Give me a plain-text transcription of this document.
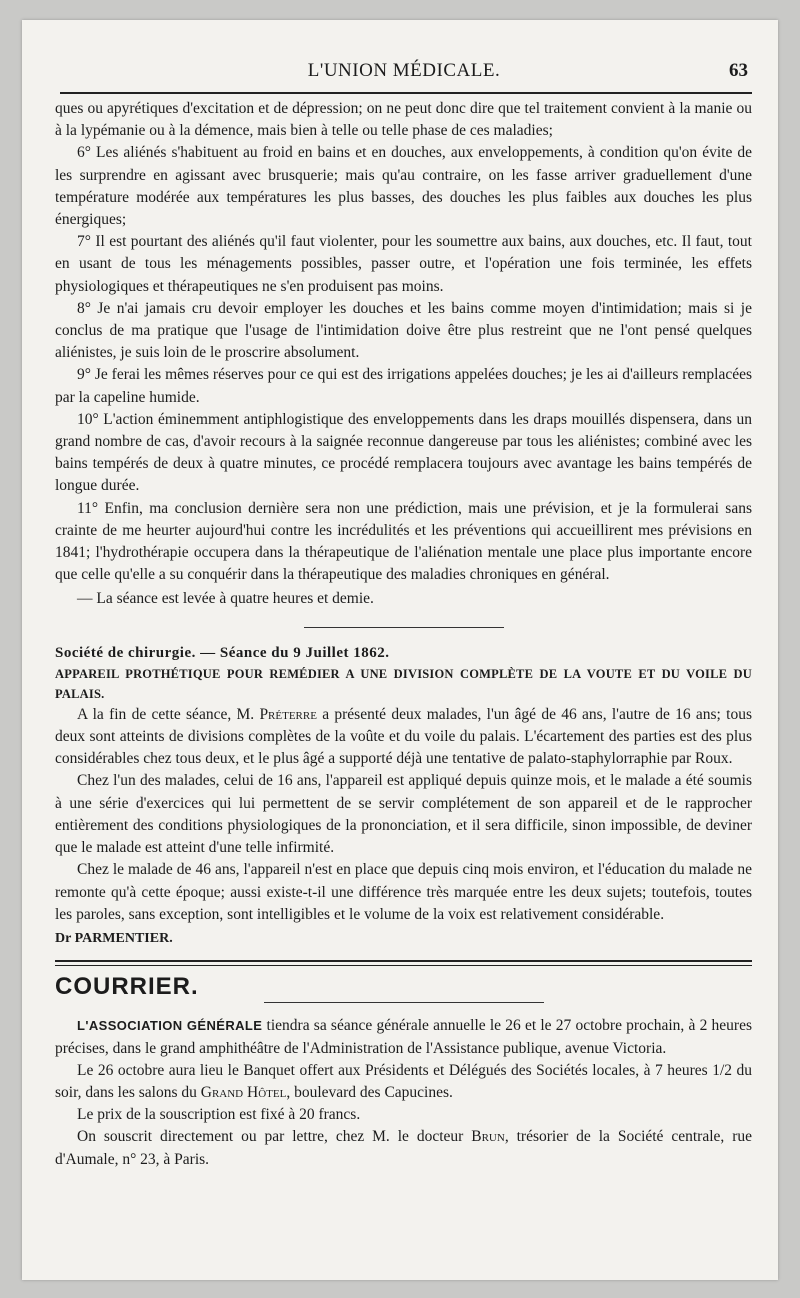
L'UNION MÉDICALE.	63

ques ou apyrétiques d'excitation et de dépression; on ne peut donc dire que tel traitement convient à la manie ou à la lypémanie ou à la démence, mais bien à telle ou telle phase de ces maladies;

6° Les aliénés s'habituent au froid en bains et en douches, aux enveloppements, à condition qu'on évite de les surprendre en agissant avec brusquerie; mais qu'au contraire, on les fasse arriver graduellement d'une température modérée aux températures les plus basses, des douches les plus faibles aux douches les plus énergiques;

7° Il est pourtant des aliénés qu'il faut violenter, pour les soumettre aux bains, aux douches, etc. Il faut, tout en usant de tous les ménagements possibles, passer outre, et l'opération une fois terminée, les effets physiologiques et thérapeutiques ne s'en produisent pas moins.

8° Je n'ai jamais cru devoir employer les douches et les bains comme moyen d'intimidation; mais si je conclus de ma pratique que l'usage de l'intimidation doive être plus restreint que ne l'ont pensé quelques aliénistes, je suis loin de le proscrire absolument.

9° Je ferai les mêmes réserves pour ce qui est des irrigations appelées douches; je les ai d'ailleurs remplacées par la capeline humide.

10° L'action éminemment antiphlogistique des enveloppements dans les draps mouillés dispensera, dans un grand nombre de cas, d'avoir recours à la saignée reconnue dangereuse par tous les aliénistes; combiné avec les bains tempérés de deux à quatre minutes, ce procédé remplacera toujours avec avantage les bains tempérés de longue durée.

11° Enfin, ma conclusion dernière sera non une prédiction, mais une prévision, et je la formulerai sans crainte de me heurter aujourd'hui contre les incrédulités et les préventions qui accueillirent mes prévisions en 1841; l'hydrothérapie occupera dans la thérapeutique de l'aliénation mentale une place plus importante encore que celle qu'elle a su conquérir dans la thérapeutique des maladies chroniques en général.

— La séance est levée à quatre heures et demie.

Société de chirurgie. — Séance du 9 Juillet 1862.

APPAREIL PROTHÉTIQUE POUR REMÉDIER A UNE DIVISION COMPLÈTE DE LA VOUTE ET DU VOILE DU PALAIS.

A la fin de cette séance, M. Préterre a présenté deux malades, l'un âgé de 46 ans, l'autre de 16 ans; tous deux sont atteints de divisions complètes de la voûte et du voile du palais. L'écartement des parties est des plus considérables chez tous deux, et le plus âgé a supporté déjà une tentative de palato-staphylorraphie par Roux.

Chez l'un des malades, celui de 16 ans, l'appareil est appliqué depuis quinze mois, et le malade a été soumis à une série d'exercices qui lui permettent de se servir complétement de son appareil et de le rapprocher entièrement des conditions physiologiques de la prononciation, et il sera difficile, sinon impossible, de deviner que le malade est atteint d'une telle infirmité.

Chez le malade de 46 ans, l'appareil n'est en place que depuis cinq mois environ, et l'éducation du malade ne remonte qu'à cette époque; aussi existe-t-il une différence très marquée entre les deux sujets; toutefois, toutes les paroles, sans exception, sont intelligibles et le volume de la voix est relativement considérable.

Dr PARMENTIER.

COURRIER.

L'ASSOCIATION GÉNÉRALE tiendra sa séance générale annuelle le 26 et le 27 octobre prochain, à 2 heures précises, dans le grand amphithéâtre de l'Administration de l'Assistance publique, avenue Victoria.

Le 26 octobre aura lieu le Banquet offert aux Présidents et Délégués des Sociétés locales, à 7 heures 1/2 du soir, dans les salons du Grand Hôtel, boulevard des Capucines.

Le prix de la souscription est fixé à 20 francs.

On souscrit directement ou par lettre, chez M. le docteur Brun, trésorier de la Société centrale, rue d'Aumale, n° 23, à Paris.
